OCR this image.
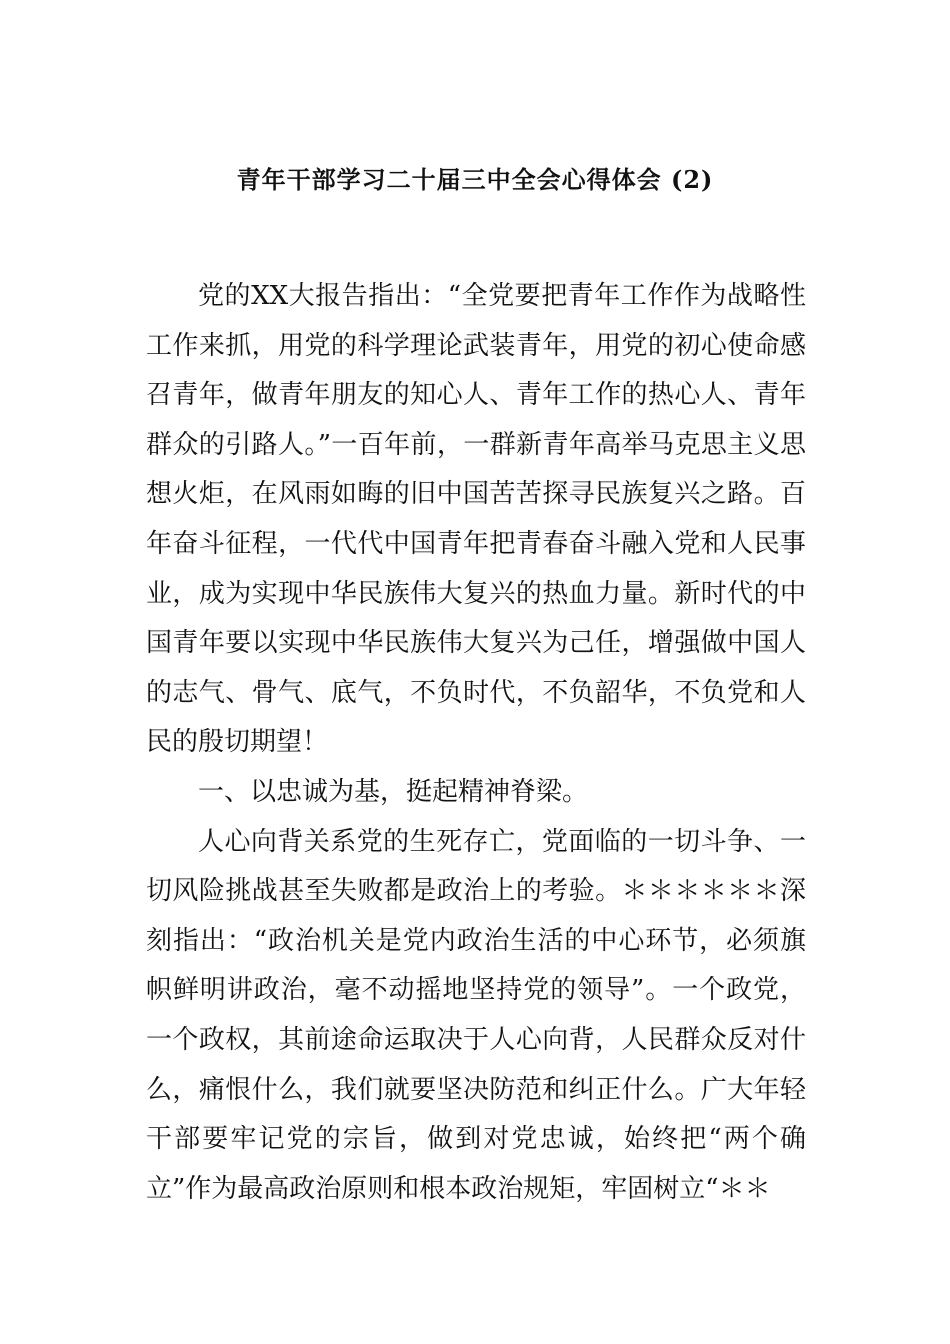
青年干部学习二十届三中全会心得体会 (2)

党的XX大报告指出：“全党要把青年工作作为战略性工作来抓，用党的科学理论武装青年，用党的初心使命感召青年，做青年朋友的知心人、青年工作的热心人、青年群众的引路人。”一百年前，一群新青年高举马克思主义思想火炬，在风雨如晦的旧中国苦苦探寻民族复兴之路。百年奋斗征程，一代代中国青年把青春奋斗融入党和人民事业，成为实现中华民族伟大复兴的热血力量。新时代的中国青年要以实现中华民族伟大复兴为己任，增强做中国人的志气、骨气、底气，不负时代，不负韶华，不负党和人民的殷切期望！

一、以忠诚为基，挺起精神脊梁。

人心向背关系党的生死存亡，党面临的一切斗争、一切风险挑战甚至失败都是政治上的考验。＊＊＊＊＊＊深刻指出：“政治机关是党内政治生活的中心环节，必须旗帜鲜明讲政治，毫不动摇地坚持党的领导”。一个政党，一个政权，其前途命运取决于人心向背，人民群众反对什么，痛恨什么，我们就要坚决防范和纠正什么。广大年轻干部要牢记党的宗旨，做到对党忠诚，始终把“两个确立”作为最高政治原则和根本政治规矩，牢固树立“＊＊
